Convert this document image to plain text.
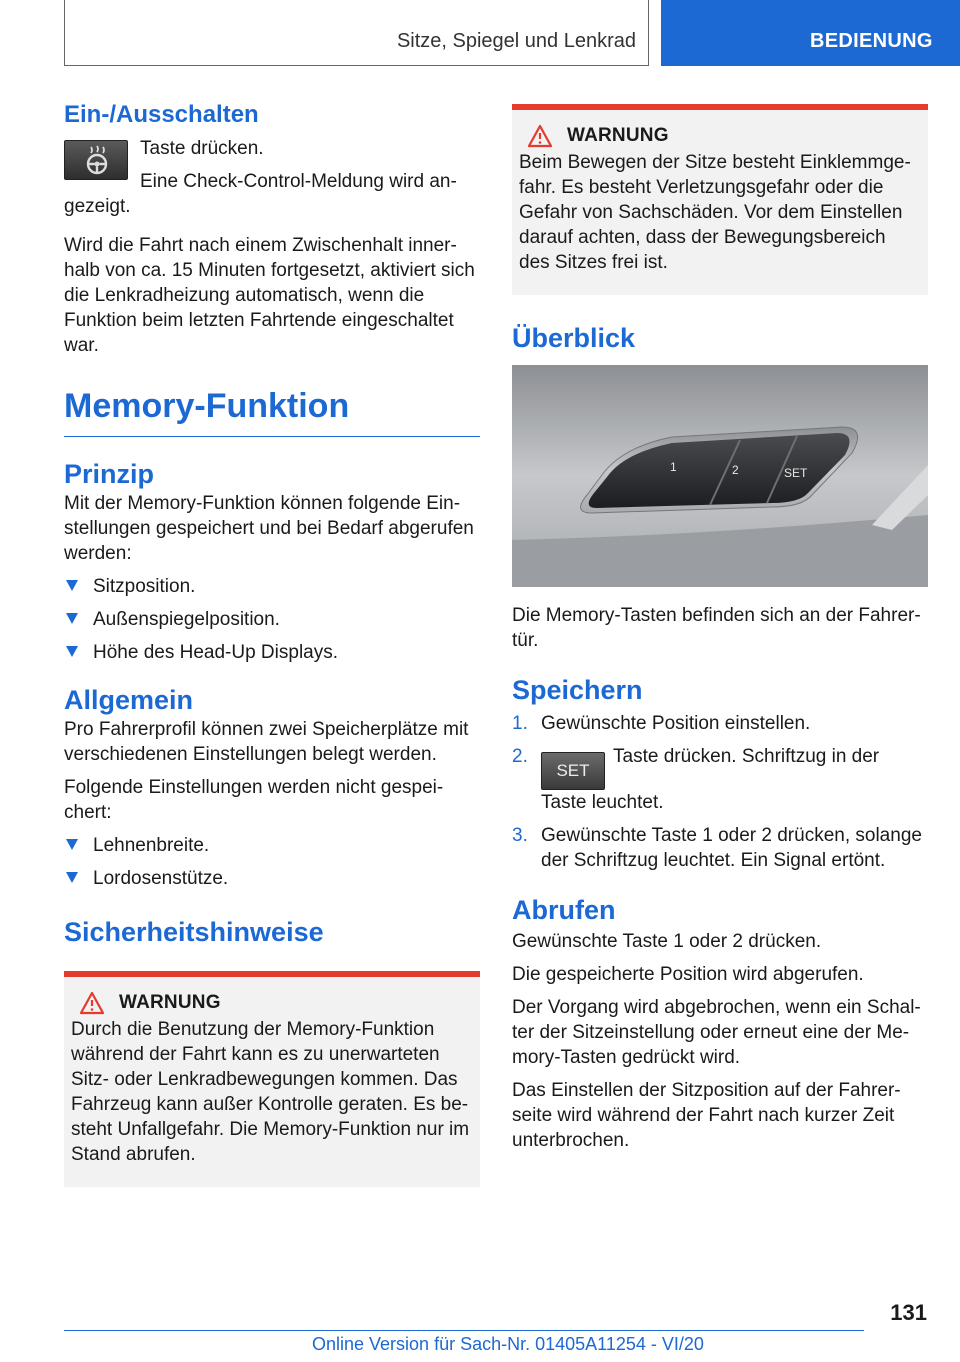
Sitze, Spiegel und Lenkrad	BEDIENUNG
Ein-/Ausschalten

Taste drücken.

Eine Check-Control-Meldung wird an-gezeigt.

Wird die Fahrt nach einem Zwischenhalt inner-halb von ca. 15 Minuten fortgesetzt, aktiviert sich die Lenkradheizung automatisch, wenn die Funktion beim letzten Fahrtende eingeschaltet war.

Memory-Funktion
Prinzip

Mit der Memory-Funktion können folgende Ein-stellungen gespeichert und bei Bedarf abgerufen werden:

Sitzposition.
Außenspiegelposition.
Höhe des Head-Up Displays.
Allgemein

Pro Fahrerprofil können zwei Speicherplätze mit verschiedenen Einstellungen belegt werden.

Folgende Einstellungen werden nicht gespei-chert:

Lehnenbreite.
Lordosenstütze.
Sicherheitshinweise
WARNUNG

Durch die Benutzung der Memory-Funktion während der Fahrt kann es zu unerwarteten Sitz- oder Lenkradbewegungen kommen. Das Fahrzeug kann außer Kontrolle geraten. Es be-steht Unfallgefahr. Die Memory-Funktion nur im Stand abrufen.

WARNUNG

Beim Bewegen der Sitze besteht Einklemmge-fahr. Es besteht Verletzungsgefahr oder die Gefahr von Sachschäden. Vor dem Einstellen darauf achten, dass der Bewegungsbereich des Sitzes frei ist.

Überblick
1	2	SET

Die Memory-Tasten befinden sich an der Fahrer-tür.

Speichern
1. Gewünschte Position einstellen.
2.
SETTaste drücken. Schriftzug in der Taste leuchtet.
3. Gewünschte Taste 1 oder 2 drücken, solange der Schriftzug leuchtet. Ein Signal ertönt.
Abrufen

Gewünschte Taste 1 oder 2 drücken.

Die gespeicherte Position wird abgerufen.

Der Vorgang wird abgebrochen, wenn ein Schal-ter der Sitzeinstellung oder erneut eine der Me-mory-Tasten gedrückt wird.

Das Einstellen der Sitzposition auf der Fahrer-seite wird während der Fahrt nach kurzer Zeit unterbrochen.

131
Online Version für Sach-Nr. 01405A11254 - VI/20
